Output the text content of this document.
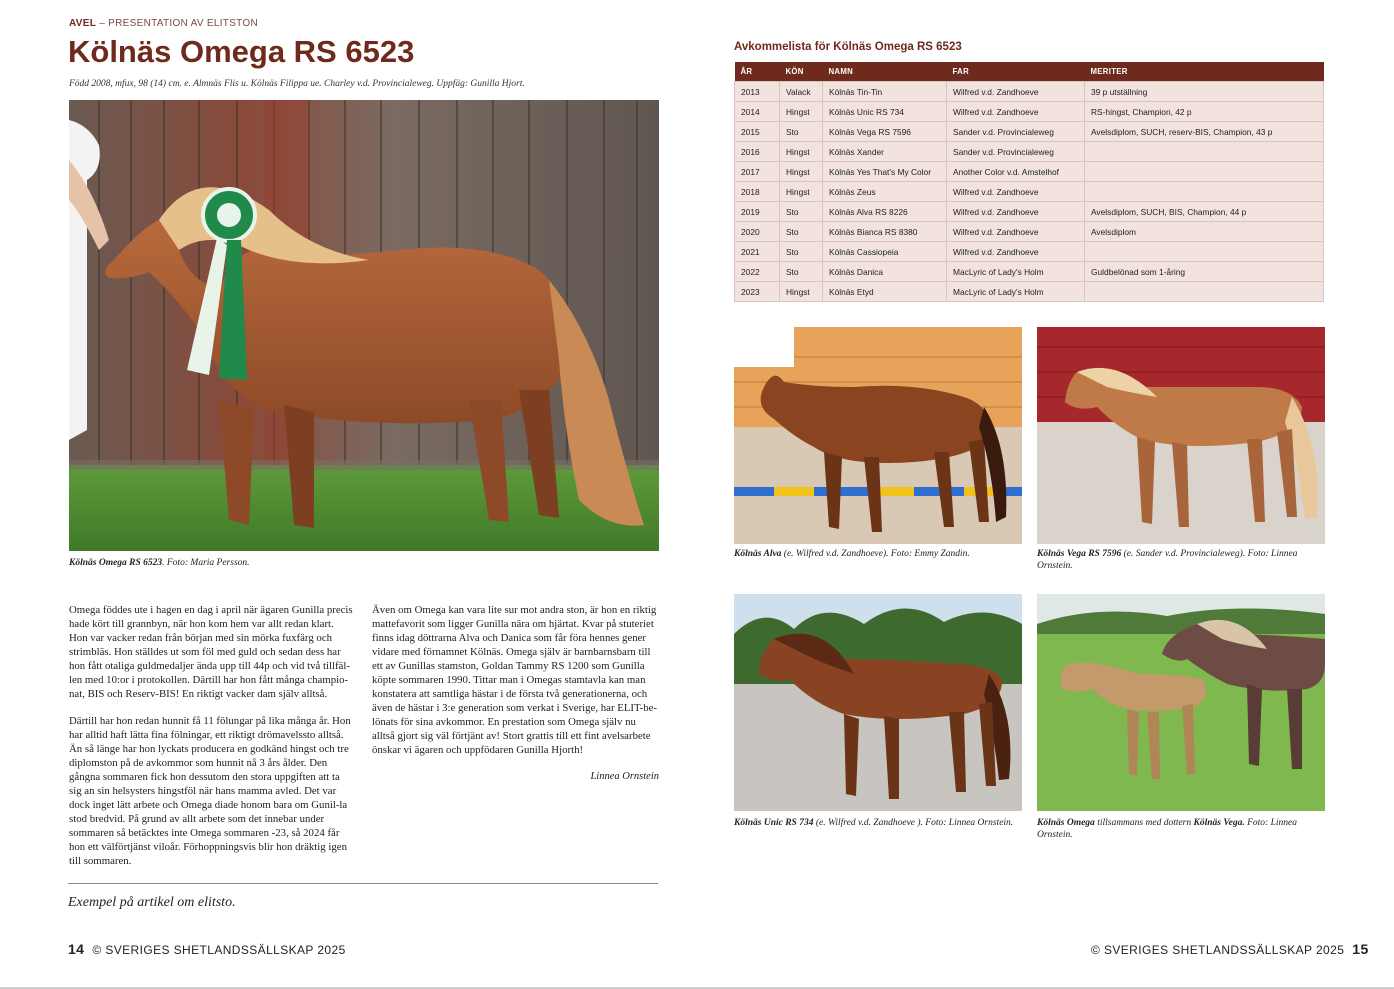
AVEL – PRESENTATION AV ELITSTON
Kölnäs Omega RS 6523
Född 2008, mfux, 98 (14) cm. e. Almnäs Flis u. Kölnäs Filippa ue. Charley v.d. Provincialeweg. Uppfäg: Gunilla Hjort.
Kölnäs Omega RS 6523. Foto: Maria Persson.

Omega föddes ute i hagen en dag i april när ägaren Gunilla precis hade kört till grannbyn, när hon kom hem var allt redan klart. Hon var vacker redan från början med sin mörka fuxfärg och strimbläs. Hon ställdes ut som föl med guld och sedan dess har hon fått otaliga guldmedaljer ända upp till 44p och vid två tillfäl-len med 10:or i protokollen. Därtill har hon fått många champio-nat, BIS och Reserv-BIS! En riktigt vacker dam själv alltså.

Därtill har hon redan hunnit få 11 fölungar på lika många år. Hon har alltid haft lätta fina fölningar, ett riktigt drömavelssto alltså. Än så länge har hon lyckats producera en godkänd hingst och tre diplomston på de avkommor som hunnit nå 3 års ålder. Den gångna sommaren fick hon dessutom den stora uppgiften att ta sig an sin helsysters hingstföl när hans mamma avled. Det var dock inget lätt arbete och Omega diade honom bara om Gunil-la stod bredvid. På grund av allt arbete som det innebar under sommaren så betäcktes inte Omega sommaren -23, så 2024 får hon ett välförtjänst viloår. Förhoppningsvis blir hon dräktig igen till sommaren.

Även om Omega kan vara lite sur mot andra ston, är hon en riktig mattefavorit som ligger Gunilla nära om hjärtat. Kvar på stuteriet finns idag döttrarna Alva och Danica som får föra hennes gener vidare med förnamnet Kölnäs. Omega själv är barnbarnsbarn till ett av Gunillas stamston, Goldan Tammy RS 1200 som Gunilla köpte sommaren 1990. Tittar man i Omegas stamtavla kan man konstatera att samtliga hästar i de första två generationerna, och även de hästar i 3:e generation som verkat i Sverige, har ELIT-be-lönats för sina avkommor. En prestation som Omega själv nu alltså gjort sig väl förtjänt av! Stort grattis till ett fint avelsarbete önskar vi ägaren och uppfödaren Gunilla Hjorth!

Linnea Ornstein
Exempel på artikel om elitsto.
14 © SVERIGES SHETLANDSSÄLLSKAP 2025
Avkommelista för Kölnäs Omega RS 6523
ÅR	KÖN	NAMN	FAR	MERITER
2013	Valack	Kölnäs Tin-Tin	Wilfred v.d. Zandhoeve	39 p utställning
2014	Hingst	Kölnäs Unic RS 734	Wilfred v.d. Zandhoeve	RS-hingst, Champion, 42 p
2015	Sto	Kölnäs Vega RS 7596	Sander v.d. Provincialeweg	Avelsdiplom, SUCH, reserv-BIS, Champion, 43 p
2016	Hingst	Kölnäs Xander	Sander v.d. Provincialeweg	
2017	Hingst	Kölnäs Yes That's My Color	Another Color v.d. Amstelhof	
2018	Hingst	Kölnäs Zeus	Wilfred v.d. Zandhoeve	
2019	Sto	Kölnäs Alva RS 8226	Wilfred v.d. Zandhoeve	Avelsdiplom, SUCH, BIS, Champion, 44 p
2020	Sto	Kölnäs Bianca RS 8380	Wilfred v.d. Zandhoeve	Avelsdiplom
2021	Sto	Kölnäs Cassiopeia	Wilfred v.d. Zandhoeve	
2022	Sto	Kölnäs Danica	MacLyric of Lady's Holm	Guldbelönad som 1-åring
2023	Hingst	Kölnäs Etyd	MacLyric of Lady's Holm	
Kölnäs Alva (e. Wilfred v.d. Zandhoeve). Foto: Emmy Zandin.	Kölnäs Vega RS 7596 (e. Sander v.d. Provincialeweg). Foto: Linnea Ornstein.
Kölnäs Unic RS 734 (e. Wilfred v.d. Zandhoeve ). Foto: Linnea Ornstein.	Kölnäs Omega tillsammans med dottern Kölnäs Vega. Foto: Linnea Ornstein.
© SVERIGES SHETLANDSSÄLLSKAP 2025 15
